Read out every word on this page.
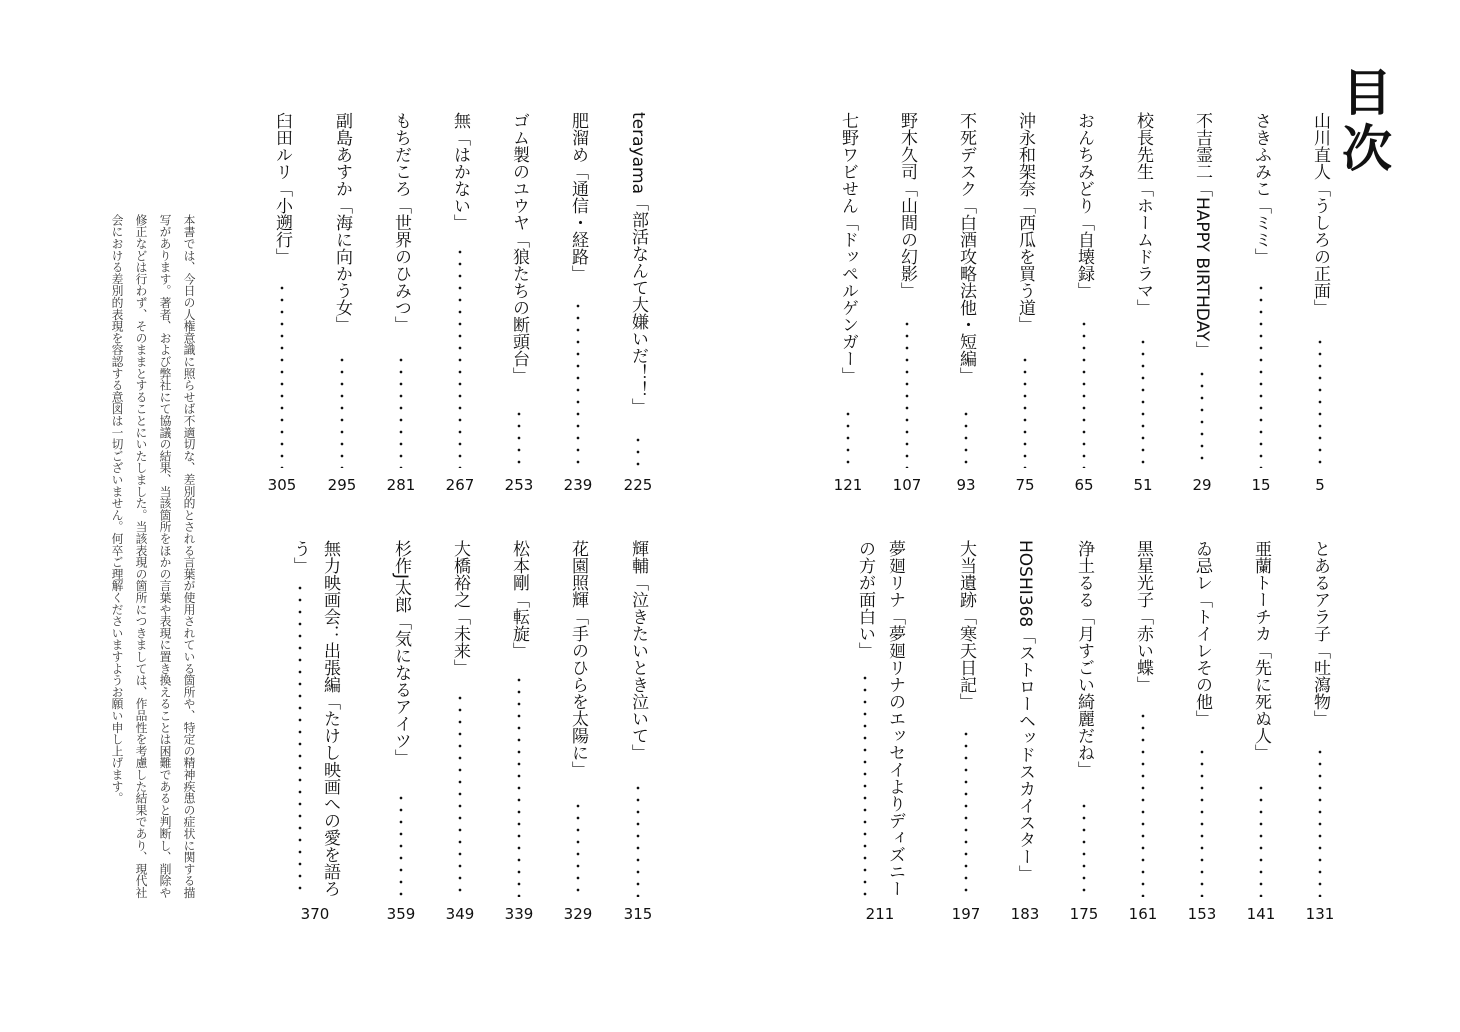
目次
山川直人「うしろの正面」
5
さきふみこ「ミミ」
15
不吉霊二「HAPPY BIRTHDAY」
29
校長先生「ホームドラマ」
51
おんちみどり「自壊録」
65
沖永和架奈「西瓜を買う道」
75
不死デスク「白酒攻略法他・短編」
93
野木久司「山間の幻影」
107
七野ワビせん「ドッペルゲンガー」
121
terayama「部活なんて大嫌いだ！！」
225
肥溜め「通信・経路」
239
ゴム製のユウヤ「狼たちの断頭台」
253
無「はかない」
267
もちだころ「世界のひみつ」
281
副島あすか「海に向かう女」
295
臼田ルリ「小遡行」
305
とあるアラ子「吐瀉物」
131
亜蘭トーチカ「先に死ぬ人」
141
ゐ忌レ「トイレその他」
153
黒星光子「赤い蝶」
161
浄土るる「月すごい綺麗だね」
175
HOSHI368「ストローヘッドスカイスター」
183
大当遺跡「寒天日記」
197
夢廻リナ「夢廻リナのエッセイよりディズニー
の方が面白い」
211
輝輔「泣きたいとき泣いて」
315
花園照輝「手のひらを太陽に」
329
松本剛「転旋」
339
大橋裕之「未来」
349
杉作J太郎「気になるアイツ」
359
無力映画会：出張編「たけし映画への愛を語ろ
う」
370
本書では、今日の人権意識に照らせば不適切な、差別的とされる言葉が使用されている箇所や、特定の精神疾患の症状に関する描写があります。著者、および弊社にて協議の結果、当該箇所をほかの言葉や表現に置き換えることは困難であると判断し、削除や修正などは行わず、そのままとすることにいたしました。当該表現の箇所につきましては、作品性を考慮した結果であり、現代社会における差別的表現を容認する意図は一切ございません。何卒ご理解くださいますようお願い申し上げます。
